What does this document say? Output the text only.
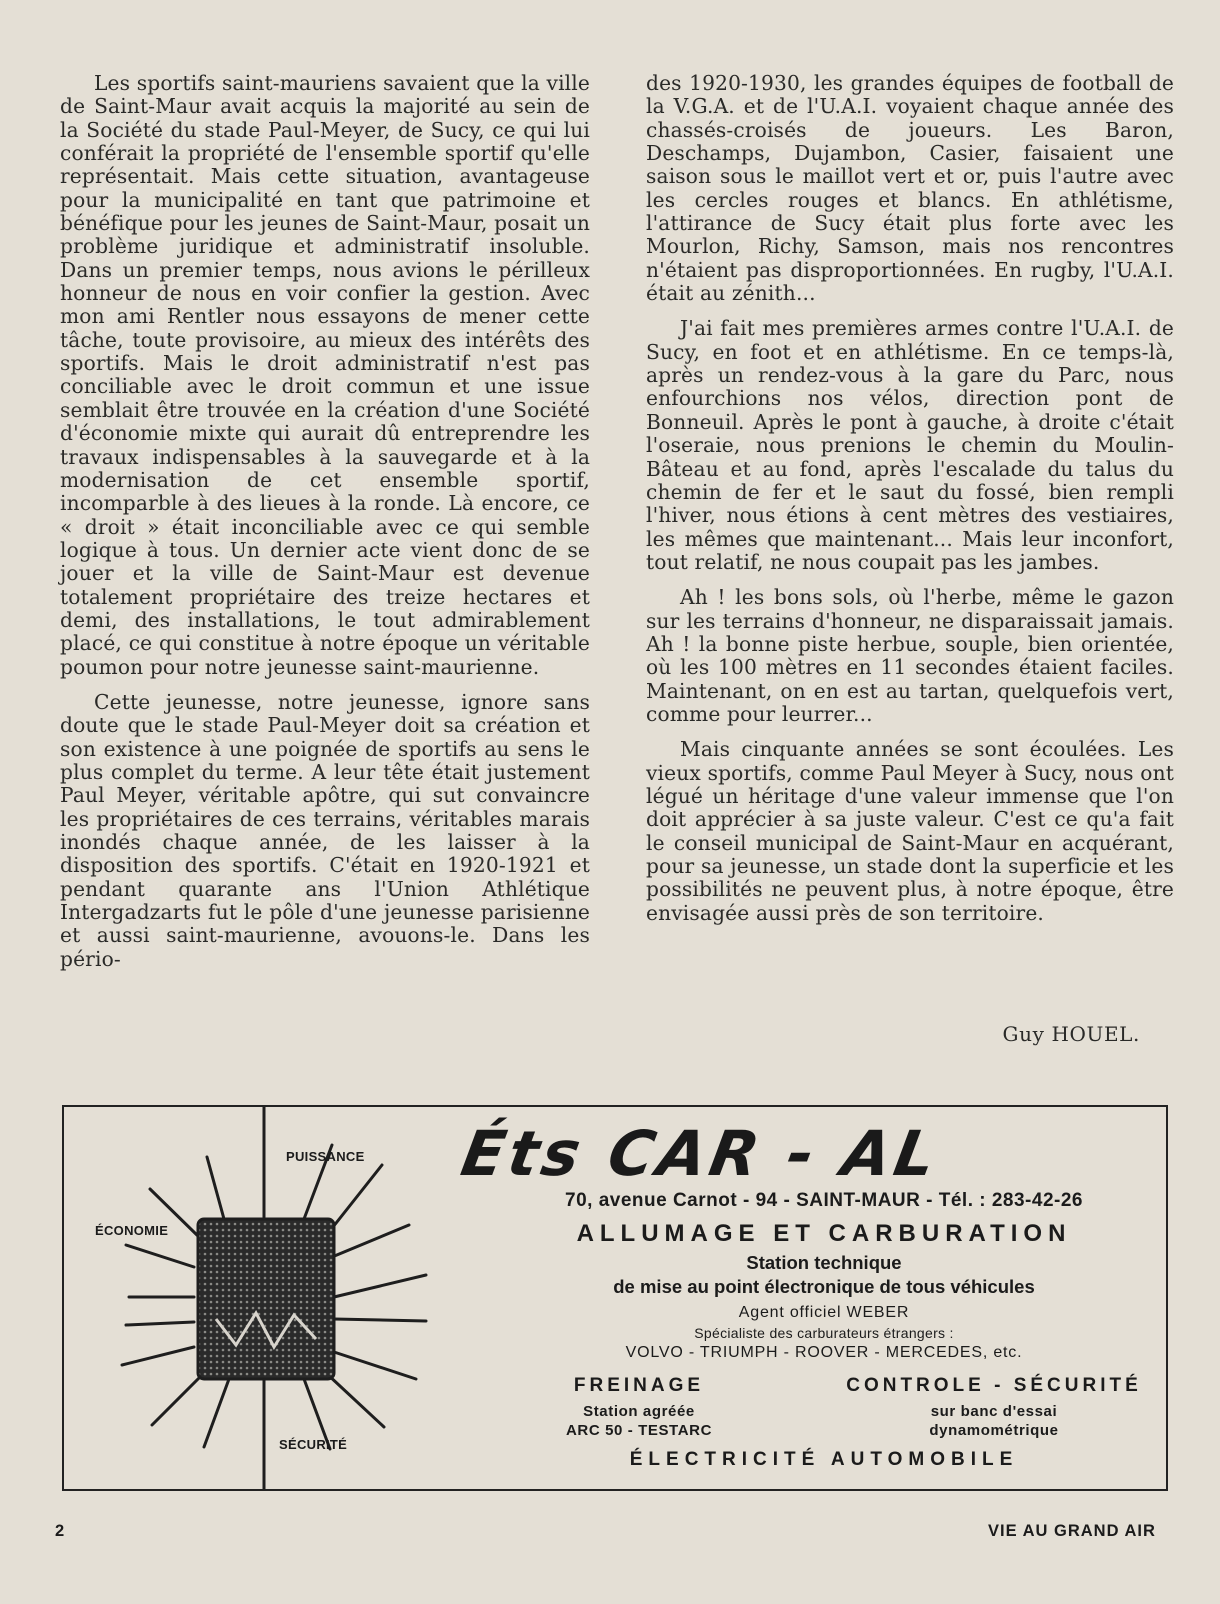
Les sportifs saint-mauriens savaient que la ville de Saint-Maur avait acquis la majorité au sein de la Société du stade Paul-Meyer, de Sucy, ce qui lui conférait la propriété de l'ensemble sportif qu'elle représentait. Mais cette situation, avantageuse pour la municipalité en tant que patrimoine et bénéfique pour les jeunes de Saint-Maur, posait un problème juridique et administratif insoluble. Dans un premier temps, nous avions le périlleux honneur de nous en voir confier la gestion. Avec mon ami Rentler nous essayons de mener cette tâche, toute provisoire, au mieux des intérêts des sportifs. Mais le droit administratif n'est pas conciliable avec le droit commun et une issue semblait être trouvée en la création d'une Société d'économie mixte qui aurait dû entreprendre les travaux indispensables à la sauvegarde et à la modernisation de cet ensemble sportif, incomparble à des lieues à la ronde. Là encore, ce « droit » était inconciliable avec ce qui semble logique à tous. Un dernier acte vient donc de se jouer et la ville de Saint-Maur est devenue totalement propriétaire des treize hectares et demi, des installations, le tout admirablement placé, ce qui constitue à notre époque un véritable poumon pour notre jeunesse saint-maurienne.

Cette jeunesse, notre jeunesse, ignore sans doute que le stade Paul-Meyer doit sa création et son existence à une poignée de sportifs au sens le plus complet du terme. A leur tête était justement Paul Meyer, véritable apôtre, qui sut convaincre les propriétaires de ces terrains, véritables marais inondés chaque année, de les laisser à la disposition des sportifs. C'était en 1920-1921 et pendant quarante ans l'Union Athlétique Intergadzarts fut le pôle d'une jeunesse parisienne et aussi saint-maurienne, avouons-le. Dans les pério-

des 1920-1930, les grandes équipes de football de la V.G.A. et de l'U.A.I. voyaient chaque année des chassés-croisés de joueurs. Les Baron, Deschamps, Dujambon, Casier, faisaient une saison sous le maillot vert et or, puis l'autre avec les cercles rouges et blancs. En athlétisme, l'attirance de Sucy était plus forte avec les Mourlon, Richy, Samson, mais nos rencontres n'étaient pas disproportionnées. En rugby, l'U.A.I. était au zénith...

J'ai fait mes premières armes contre l'U.A.I. de Sucy, en foot et en athlétisme. En ce temps-là, après un rendez-vous à la gare du Parc, nous enfourchions nos vélos, direction pont de Bonneuil. Après le pont à gauche, à droite c'était l'oseraie, nous prenions le chemin du Moulin-Bâteau et au fond, après l'escalade du talus du chemin de fer et le saut du fossé, bien rempli l'hiver, nous étions à cent mètres des vestiaires, les mêmes que maintenant... Mais leur inconfort, tout relatif, ne nous coupait pas les jambes.

Ah ! les bons sols, où l'herbe, même le gazon sur les terrains d'honneur, ne disparaissait jamais. Ah ! la bonne piste herbue, souple, bien orientée, où les 100 mètres en 11 secondes étaient faciles. Maintenant, on en est au tartan, quelquefois vert, comme pour leurrer...

Mais cinquante années se sont écoulées. Les vieux sportifs, comme Paul Meyer à Sucy, nous ont légué un héritage d'une valeur immense que l'on doit apprécier à sa juste valeur. C'est ce qu'a fait le conseil municipal de Saint-Maur en acquérant, pour sa jeunesse, un stade dont la superficie et les possibilités ne peuvent plus, à notre époque, être envisagée aussi près de son territoire.

Guy HOUEL.
PUISSANCE
ÉCONOMIE
SÉCURITÉ
Éts CAR - AL
70, avenue Carnot - 94 - SAINT-MAUR - Tél. : 283-42-26
ALLUMAGE ET CARBURATION
Station technique
de mise au point électronique de tous véhicules
Agent officiel WEBER
Spécialiste des carburateurs étrangers :
VOLVO - TRIUMPH - ROOVER - MERCEDES, etc.
FREINAGE
Station agréée
ARC 50 - TESTARC
CONTROLE - SÉCURITÉ
sur banc d'essai
dynamométrique
ÉLECTRICITÉ AUTOMOBILE
2	VIE AU GRAND AIR
